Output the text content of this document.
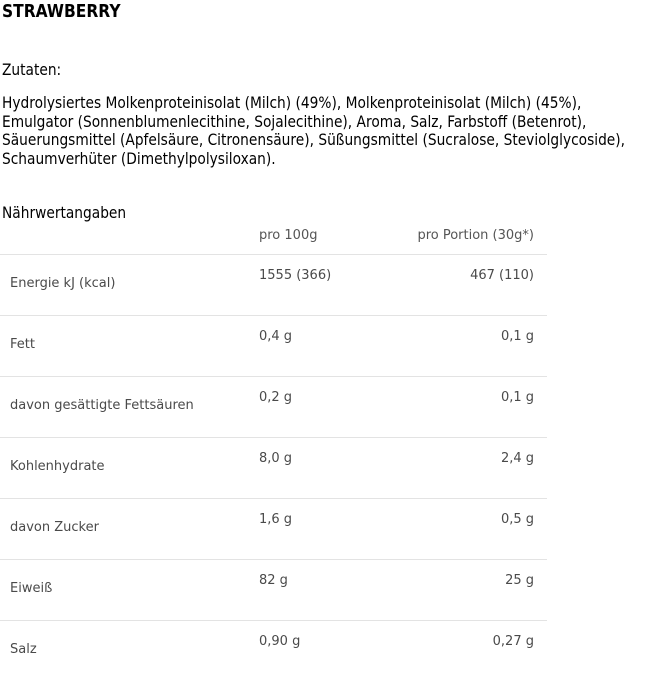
STRAWBERRY
Zutaten:
Hydrolysiertes Molkenproteinisolat (Milch) (49%), Molkenproteinisolat (Milch) (45%),
Emulgator (Sonnenblumenlecithine, Sojalecithine), Aroma, Salz, Farbstoff (Betenrot),
Säuerungsmittel (Apfelsäure, Citronensäure), Süßungsmittel (Sucralose, Steviolglycoside),
Schaumverhüter (Dimethylpolysiloxan).
Nährwertangaben
pro 100g	pro Portion (30g*)
Energie kJ (kcal)
1555 (366)	467 (110)
Fett
0,4 g	0,1 g
davon gesättigte Fettsäuren
0,2 g	0,1 g
Kohlenhydrate
8,0 g	2,4 g
davon Zucker
1,6 g	0,5 g
Eiweiß
82 g	25 g
Salz
0,90 g	0,27 g
